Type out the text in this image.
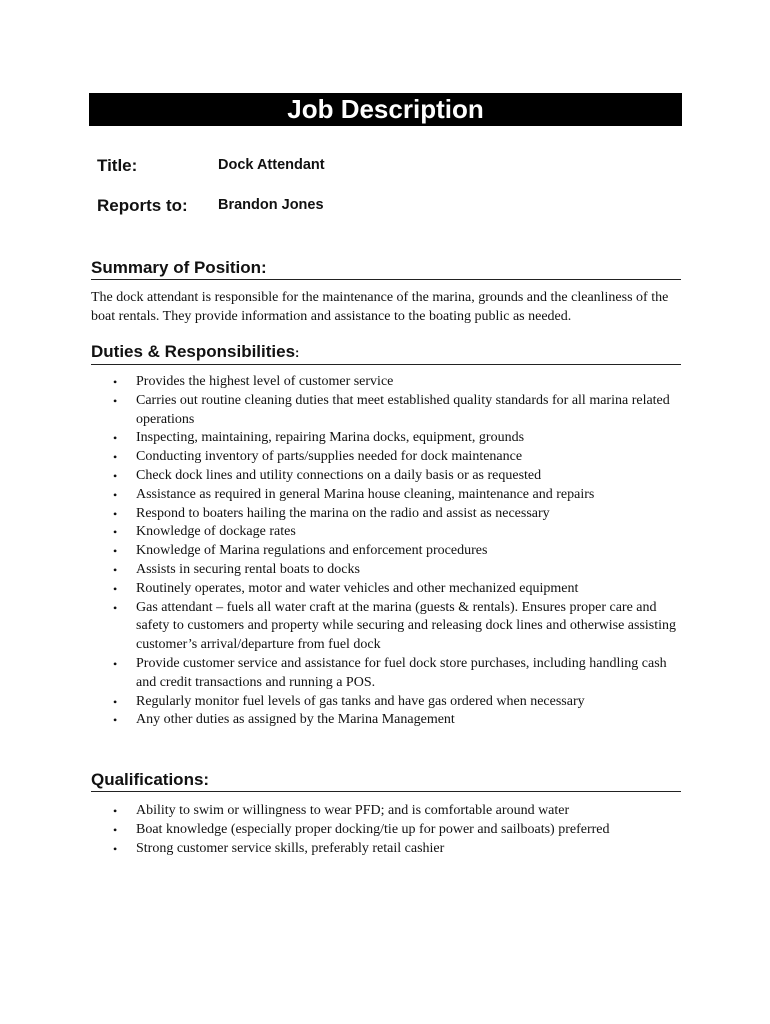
Job Description
Title:	Dock Attendant
Reports to: Brandon Jones
Summary of Position:

The dock attendant is responsible for the maintenance of the marina, grounds and the cleanliness of the boat rentals. They provide information and assistance to the boating public as needed.

Duties & Responsibilities:
• Provides the highest level of customer service
• Carries out routine cleaning duties that meet established quality standards for all marina related operations
• Inspecting, maintaining, repairing Marina docks, equipment, grounds
• Conducting inventory of parts/supplies needed for dock maintenance
• Check dock lines and utility connections on a daily basis or as requested
• Assistance as required in general Marina house cleaning, maintenance and repairs
• Respond to boaters hailing the marina on the radio and assist as necessary
• Knowledge of dockage rates
• Knowledge of Marina regulations and enforcement procedures
• Assists in securing rental boats to docks
• Routinely operates, motor and water vehicles and other mechanized equipment
• Gas attendant – fuels all water craft at the marina (guests & rentals). Ensures proper care and safety to customers and property while securing and releasing dock lines and otherwise assisting customer’s arrival/departure from fuel dock
• Provide customer service and assistance for fuel dock store purchases, including handling cash and credit transactions and running a POS.
• Regularly monitor fuel levels of gas tanks and have gas ordered when necessary
• Any other duties as assigned by the Marina Management
Qualifications:
• Ability to swim or willingness to wear PFD; and is comfortable around water
• Boat knowledge (especially proper docking/tie up for power and sailboats) preferred
• Strong customer service skills, preferably retail cashier
